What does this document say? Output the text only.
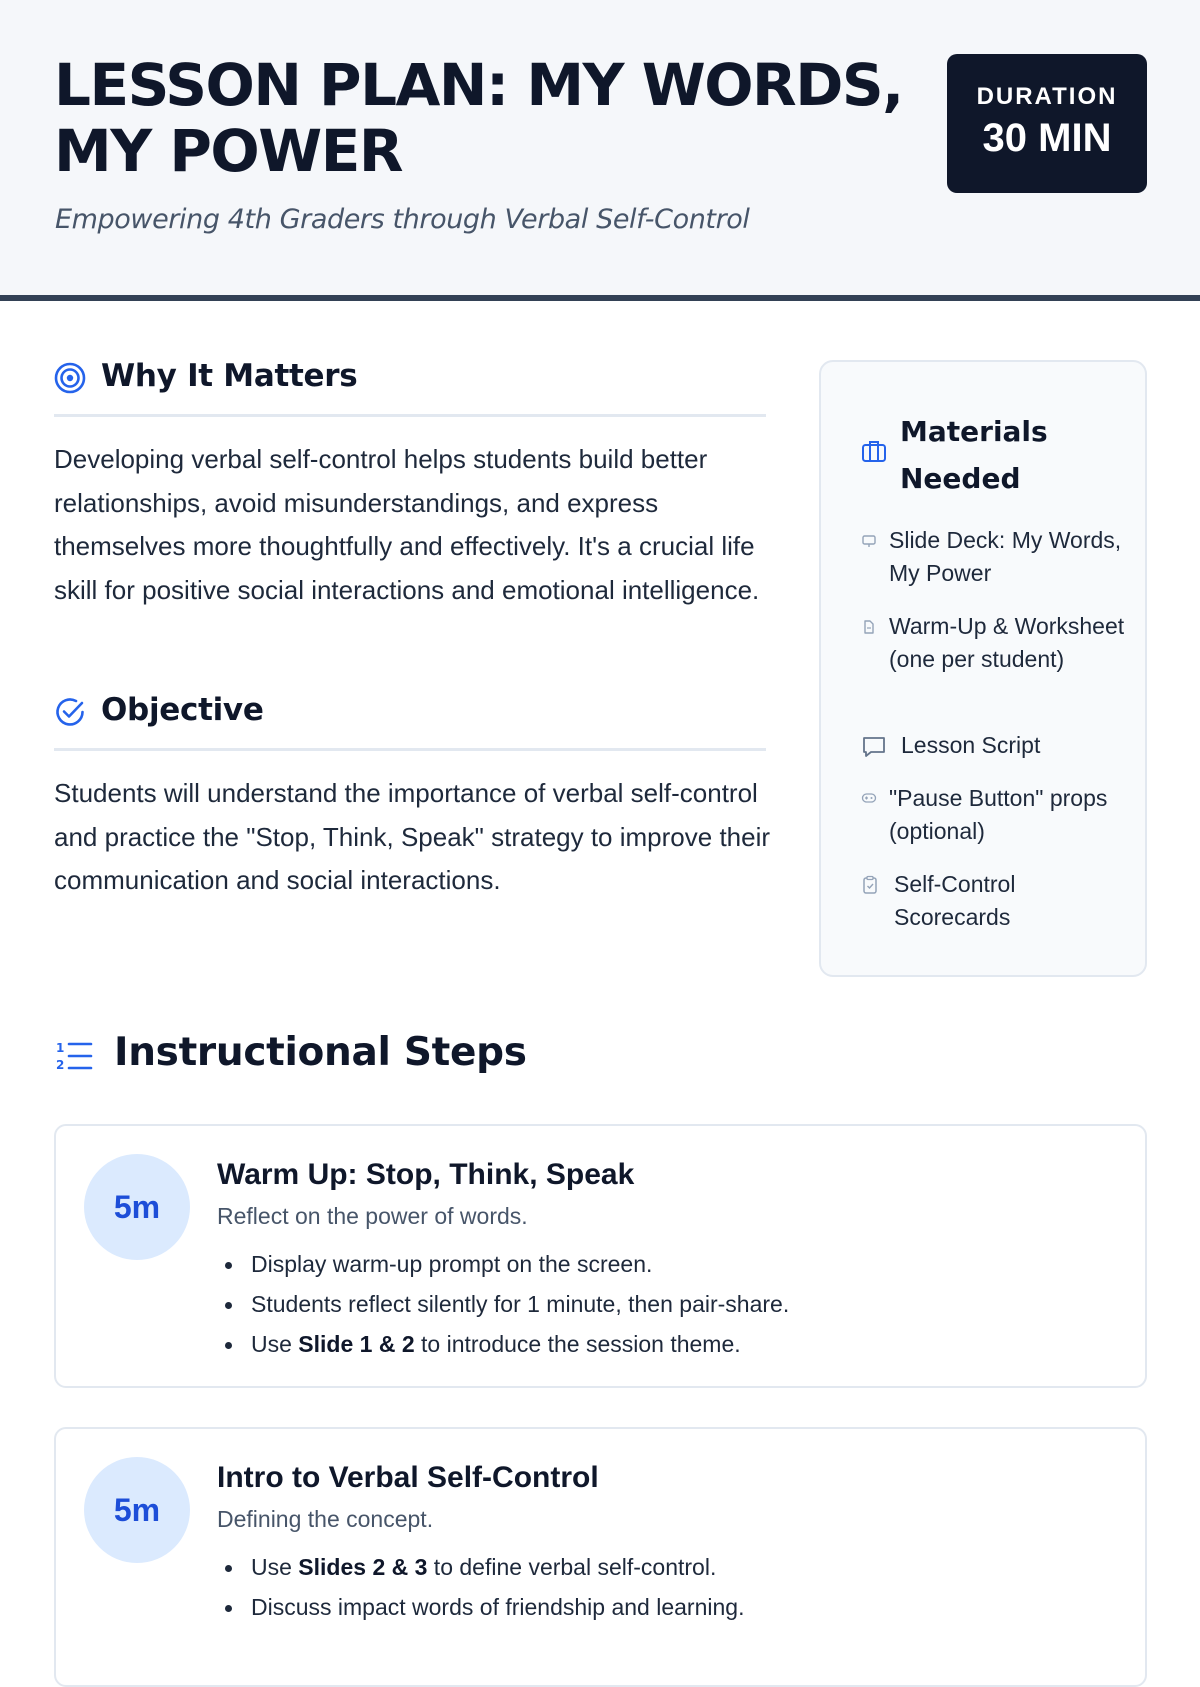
LESSON PLAN: MY WORDS, MY POWER
Empowering 4th Graders through Verbal Self-Control
DURATION
30 MIN
Why It Matters

Developing verbal self-control helps students build better relationships, avoid misunderstandings, and express themselves more thoughtfully and effectively. It's a crucial life skill for positive social interactions and emotional intelligence.

Objective

Students will understand the importance of verbal self-control and practice the "Stop, Think, Speak" strategy to improve their communication and social interactions.

Materials Needed
Slide Deck: My Words, My Power
Warm-Up & Worksheet (one per student)
Lesson Script
"Pause Button" props (optional)
Self-Control Scorecards
1
2 Instructional Steps
5m
Warm Up: Stop, Think, Speak
Reflect on the power of words.
Display warm-up prompt on the screen.
Students reflect silently for 1 minute, then pair-share.
Use Slide 1 & 2 to introduce the session theme.
5m
Intro to Verbal Self-Control
Defining the concept.
Use Slides 2 & 3 to define verbal self-control.
Discuss impact words of friendship and learning.
